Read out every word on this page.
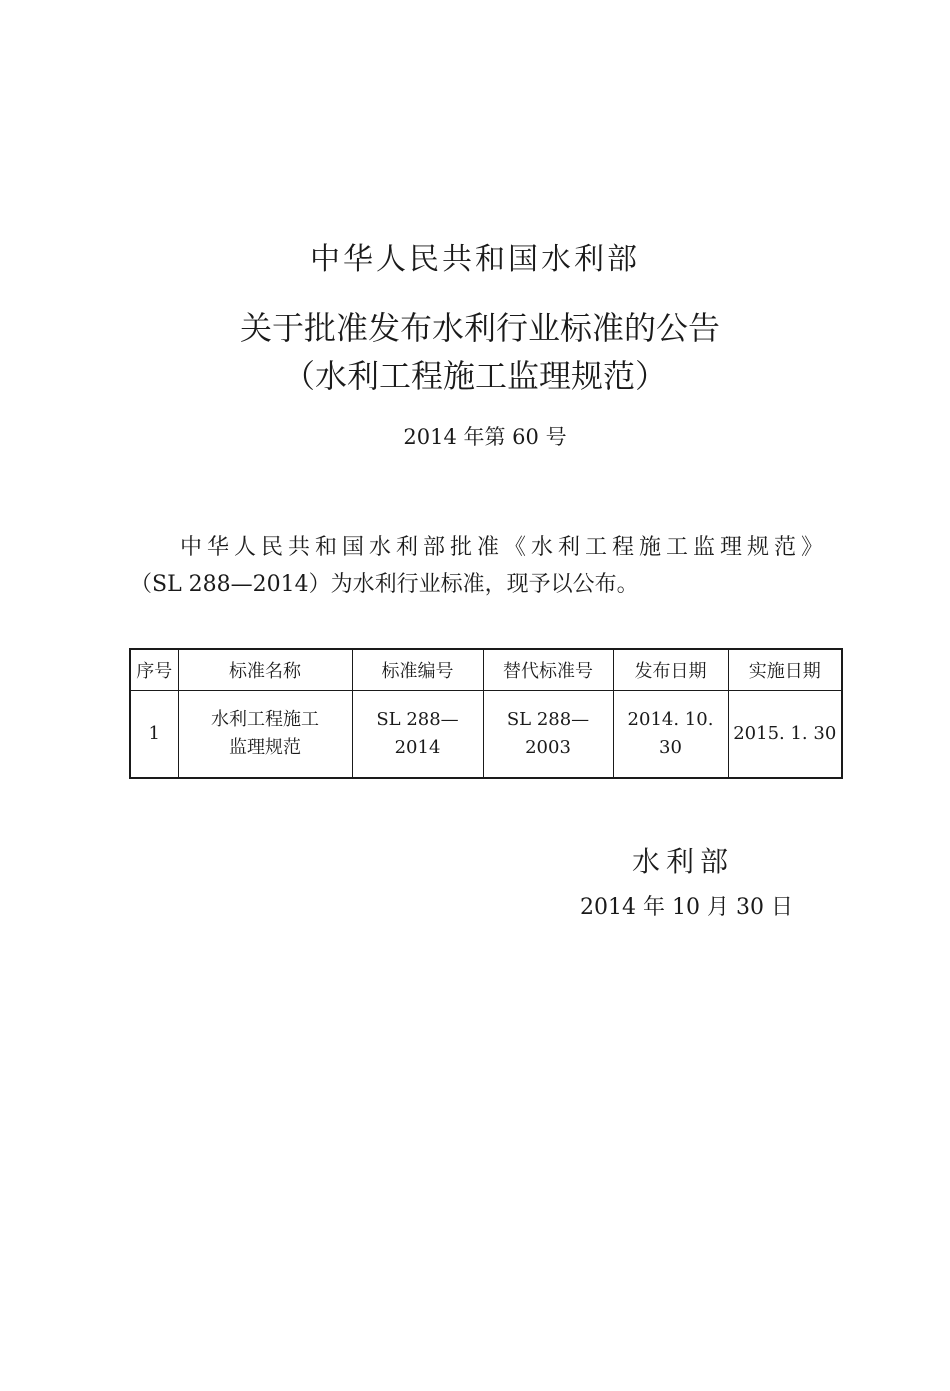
中华人民共和国水利部
关于批准发布水利行业标准的公告
（水利工程施工监理规范）
2014 年第 60 号
中华人民共和国水利部批准《水利工程施工监理规范》
（SL 288—2014）为水利行业标准，现予以公布。
序号	标准名称	标准编号	替代标准号	发布日期	实施日期
1	水利工程施工
监理规范	SL 288—2014	SL 288—2003	2014. 10. 30	2015. 1. 30
水利部
2014 年 10 月 30 日
